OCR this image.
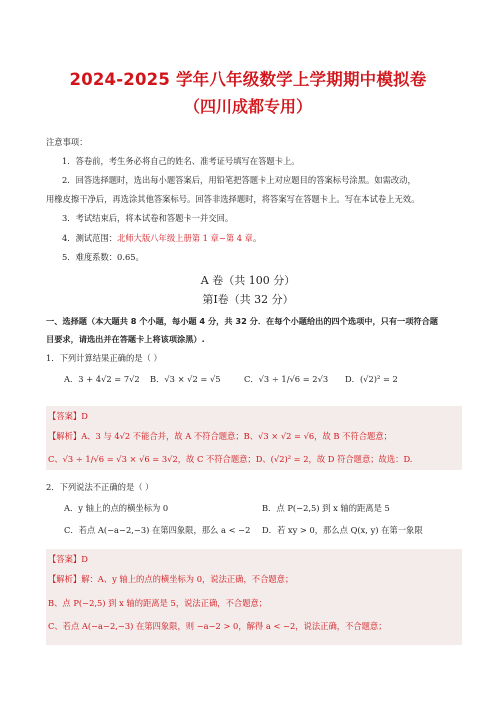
2024-2025 学年八年级数学上学期期中模拟卷
（四川成都专用）
注意事项：
1．答卷前，考生务必将自己的姓名、准考证号填写在答题卡上。
2．回答选择题时，选出每小题答案后，用铅笔把答题卡上对应题目的答案标号涂黑。如需改动，
用橡皮擦干净后，再选涂其他答案标号。回答非选择题时，将答案写在答题卡上。写在本试卷上无效。
3．考试结束后，将本试卷和答题卡一并交回。
4．测试范围：北师大版八年级上册第 1 章~第 4 章。
5．难度系数：0.65。
A 卷（共 100 分）
第Ⅰ卷（共 32 分）
一、选择题（本大题共 8 个小题，每小题 4 分，共 32 分．在每个小题给出的四个选项中，只有一项符合题
目要求，请选出并在答题卡上将该项涂黑）.
1．下列计算结果正确的是（ ）
A．3 + 4√2 = 7√2 B．√3 × √2 = √5	C．√3 ÷ 1/√6 = 2√3 D．(√2)² = 2
【答案】D
【解析】A、3 与 4√2 不能合并，故 A 不符合题意；B、√3 × √2 = √6，故 B 不符合题意；
C、√3 ÷ 1/√6 = √3 × √6 = 3√2，故 C 不符合题意；D、(√2)² = 2，故 D 符合题意；故选：D.
2．下列说法不正确的是（ ）
A．y 轴上的点的横坐标为 0	B．点 P(−2,5) 到 x 轴的距离是 5
C．若点 A(−a−2,−3) 在第四象限，那么 a < −2 D．若 xy > 0，那么点 Q(x, y) 在第一象限
【答案】D
【解析】解：A、y 轴上的点的横坐标为 0，说法正确，不合题意；
B、点 P(−2,5) 到 x 轴的距离是 5，说法正确，不合题意；
C、若点 A(−a−2,−3) 在第四象限，则 −a−2 > 0，解得 a < −2，说法正确，不合题意；
